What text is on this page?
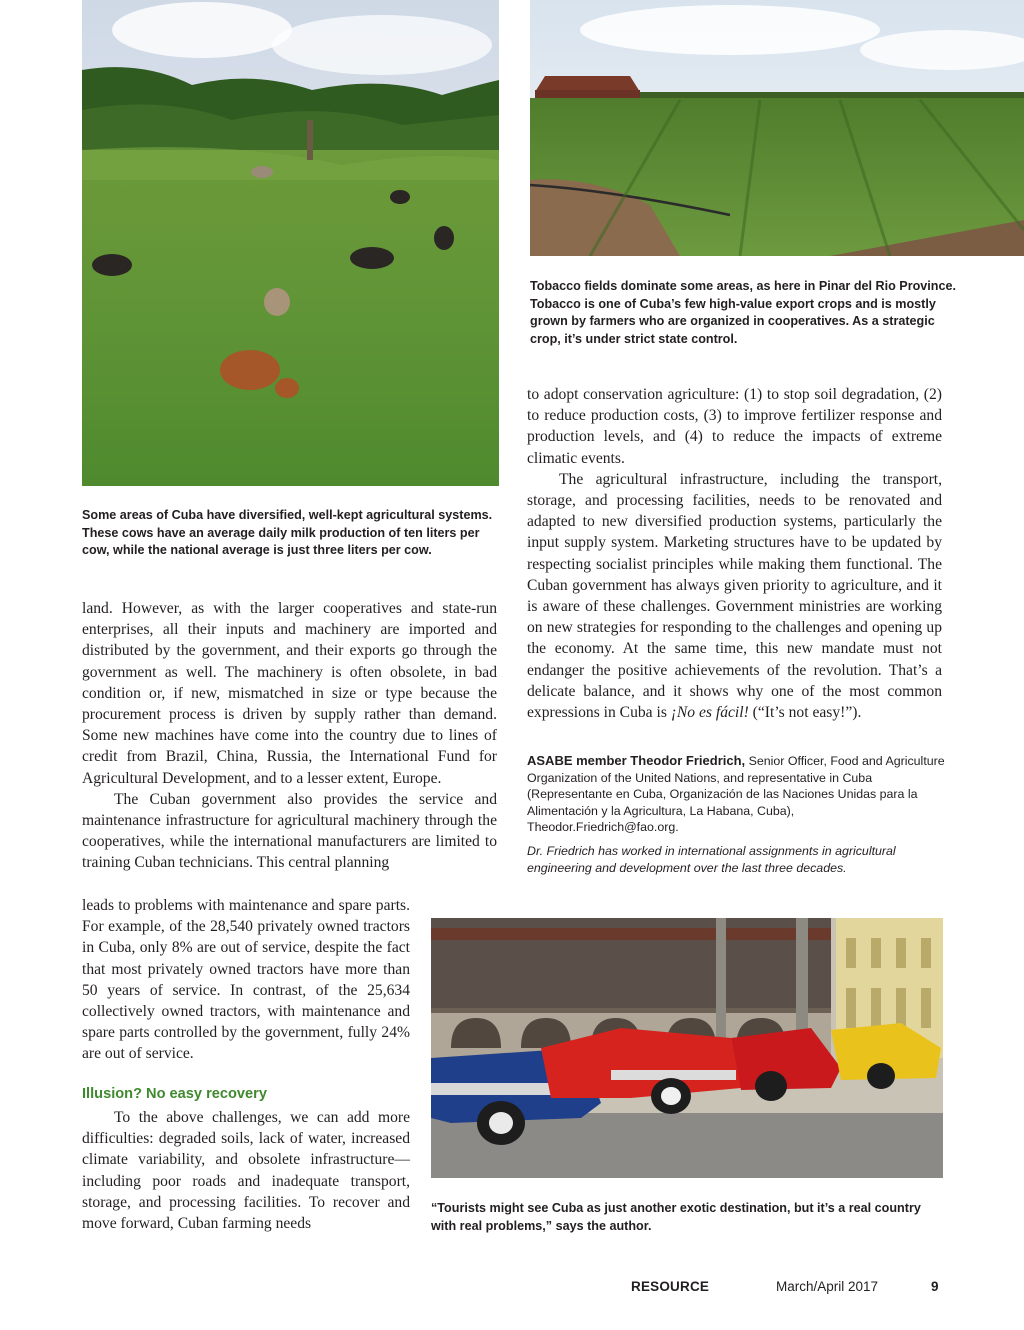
Some areas of Cuba have diversified, well-kept agricultural systems. These cows have an average daily milk production of ten liters per cow, while the national average is just three liters per cow.

Tobacco fields dominate some areas, as here in Pinar del Rio Province. Tobacco is one of Cuba’s few high-value export crops and is mostly grown by farmers who are organized in cooperatives. As a strategic crop, it’s under strict state control.

to adopt conservation agriculture: (1) to stop soil degradation, (2) to reduce production costs, (3) to improve fertilizer response and production levels, and (4) to reduce the impacts of extreme climatic events.

The agricultural infrastructure, including the transport, storage, and processing facilities, needs to be renovated and adapted to new diversified production systems, particularly the input supply system. Marketing structures have to be updated by respecting socialist principles while making them functional. The Cuban government has always given priority to agriculture, and it is aware of these challenges. Government ministries are working on new strategies for responding to the challenges and opening up the economy. At the same time, this new mandate must not endanger the positive achievements of the revolution. That’s a delicate balance, and it shows why one of the most common expressions in Cuba is ¡No es fácil! (“It’s not easy!”).

ASABE member Theodor Friedrich, Senior Officer, Food and Agriculture Organization of the United Nations, and representative in Cuba (Representante en Cuba, Organización de las Naciones Unidas para la Alimentación y la Agricultura, La Habana, Cuba), Theodor.Friedrich@fao.org.

Dr. Friedrich has worked in international assignments in agricultural engineering and development over the last three decades.

land. However, as with the larger cooperatives and state-run enterprises, all their inputs and machinery are imported and distributed by the government, and their exports go through the government as well. The machinery is often obsolete, in bad condition or, if new, mismatched in size or type because the procurement process is driven by supply rather than demand. Some new machines have come into the country due to lines of credit from Brazil, China, Russia, the International Fund for Agricultural Development, and to a lesser extent, Europe.

The Cuban government also provides the service and maintenance infrastructure for agricultural machinery through the cooperatives, while the international manufacturers are limited to training Cuban technicians. This central planning

leads to problems with maintenance and spare parts. For example, of the 28,540 privately owned tractors in Cuba, only 8% are out of service, despite the fact that most privately owned tractors have more than 50 years of service. In contrast, of the 25,634 collectively owned tractors, with maintenance and spare parts controlled by the government, fully 24% are out of service.

Illusion? No easy recovery

To the above challenges, we can add more difficulties: degraded soils, lack of water, increased climate variability, and obsolete infrastructure—including poor roads and inadequate transport, storage, and processing facilities. To recover and move forward, Cuban farming needs

“Tourists might see Cuba as just another exotic destination, but it’s a real country with real problems,” says the author.

RESOURCE	March/April 2017	9
